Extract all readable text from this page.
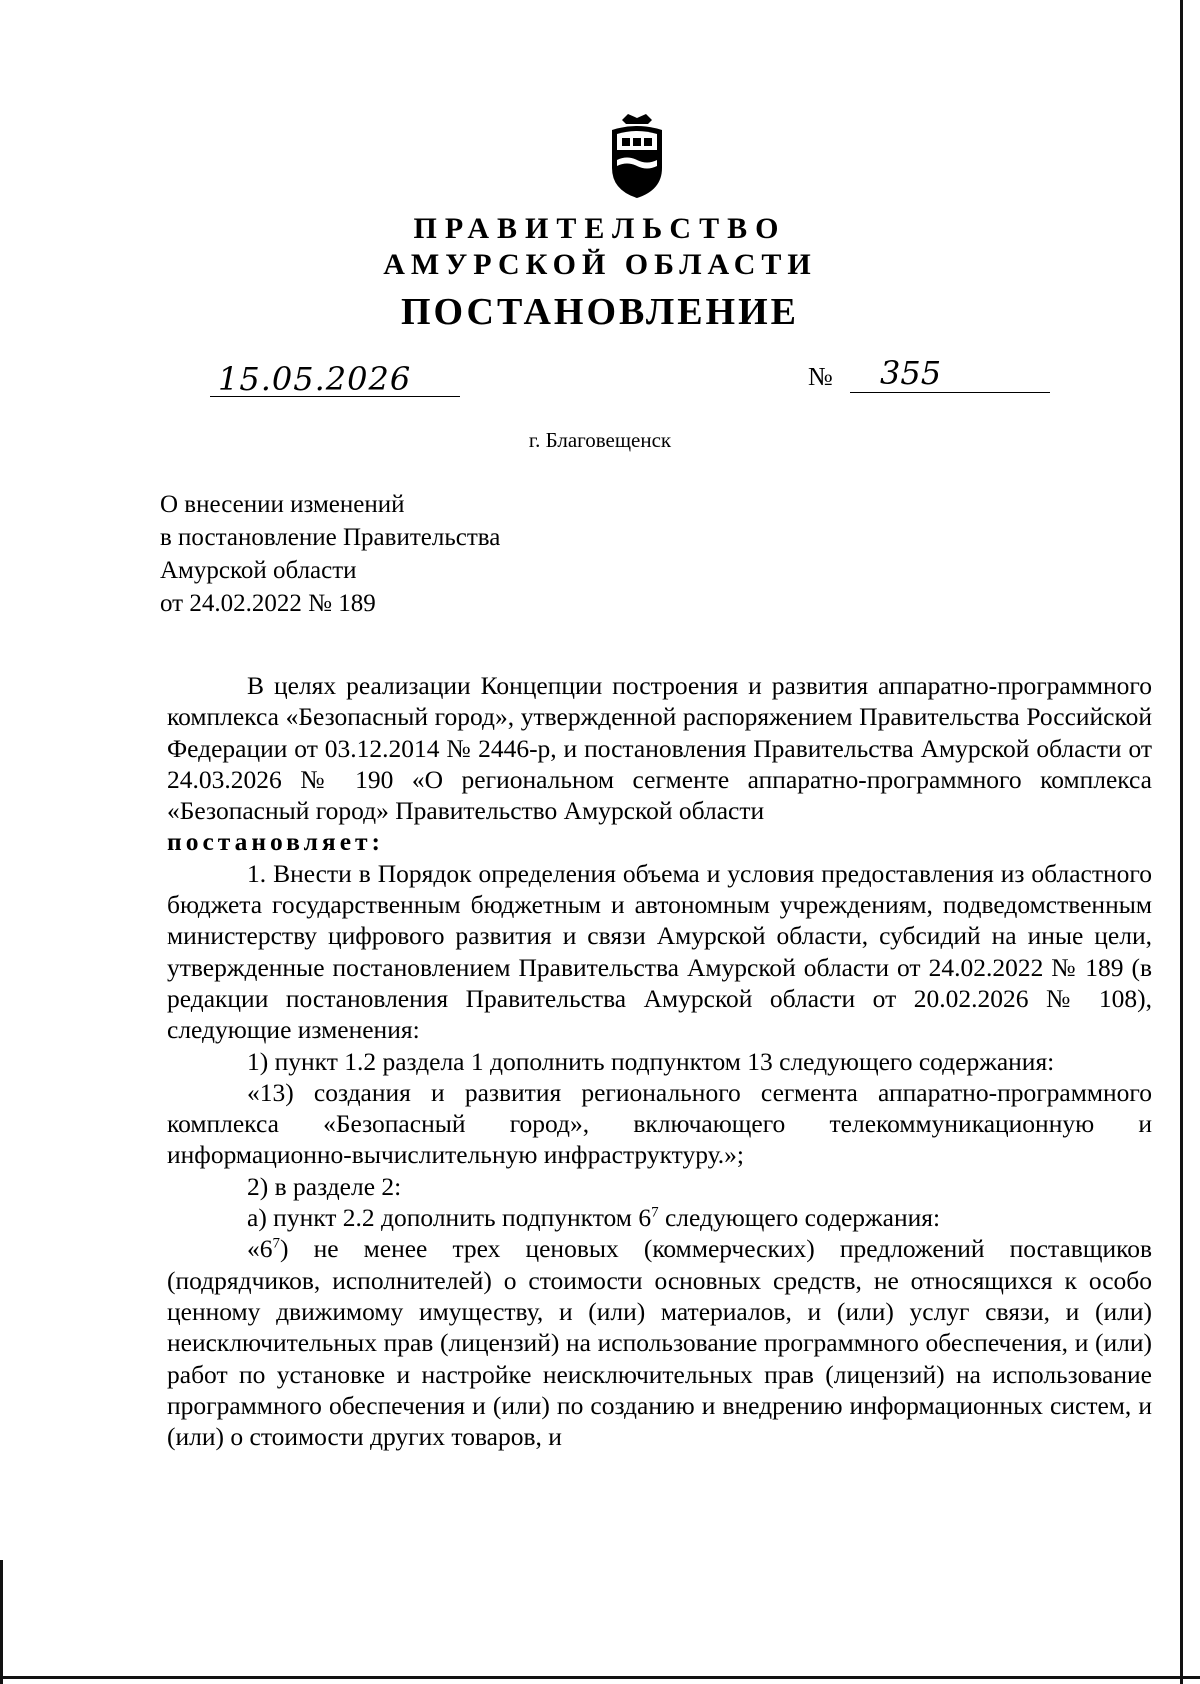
ПРАВИТЕЛЬСТВО
АМУРСКОЙ ОБЛАСТИ
ПОСТАНОВЛЕНИЕ
15.05.2026	№ 355
г. Благовещенск
О внесении изменений
в постановление Правительства
Амурской области
от 24.02.2022 № 189

В целях реализации Концепции построения и развития аппаратно-программного комплекса «Безопасный город», утвержденной распоряжением Правительства Российской Федерации от 03.12.2014 № 2446-р, и постановления Правительства Амурской области от 24.03.2026 № 190 «О региональном сегменте аппаратно-программного комплекса «Безопасный город» Правительство Амурской области

постановляет:

1. Внести в Порядок определения объема и условия предоставления из областного бюджета государственным бюджетным и автономным учреждениям, подведомственным министерству цифрового развития и связи Амурской области, субсидий на иные цели, утвержденные постановлением Правительства Амурской области от 24.02.2022 № 189 (в редакции постановления Правительства Амурской области от 20.02.2026 № 108), следующие изменения:

1) пункт 1.2 раздела 1 дополнить подпунктом 13 следующего содержания:

«13) создания и развития регионального сегмента аппаратно-программного комплекса «Безопасный город», включающего телекоммуникационную и информационно-вычислительную инфраструктуру.»;

2) в разделе 2:

а) пункт 2.2 дополнить подпунктом $6^7$ следующего содержания:

«$6^7$) не менее трех ценовых (коммерческих) предложений поставщиков (подрядчиков, исполнителей) о стоимости основных средств, не относящихся к особо ценному движимому имуществу, и (или) материалов, и (или) услуг связи, и (или) неисключительных прав (лицензий) на использование программного обеспечения, и (или) работ по установке и настройке неисключительных прав (лицензий) на использование программного обеспечения и (или) по созданию и внедрению информационных систем, и (или) о стоимости других товаров, и
